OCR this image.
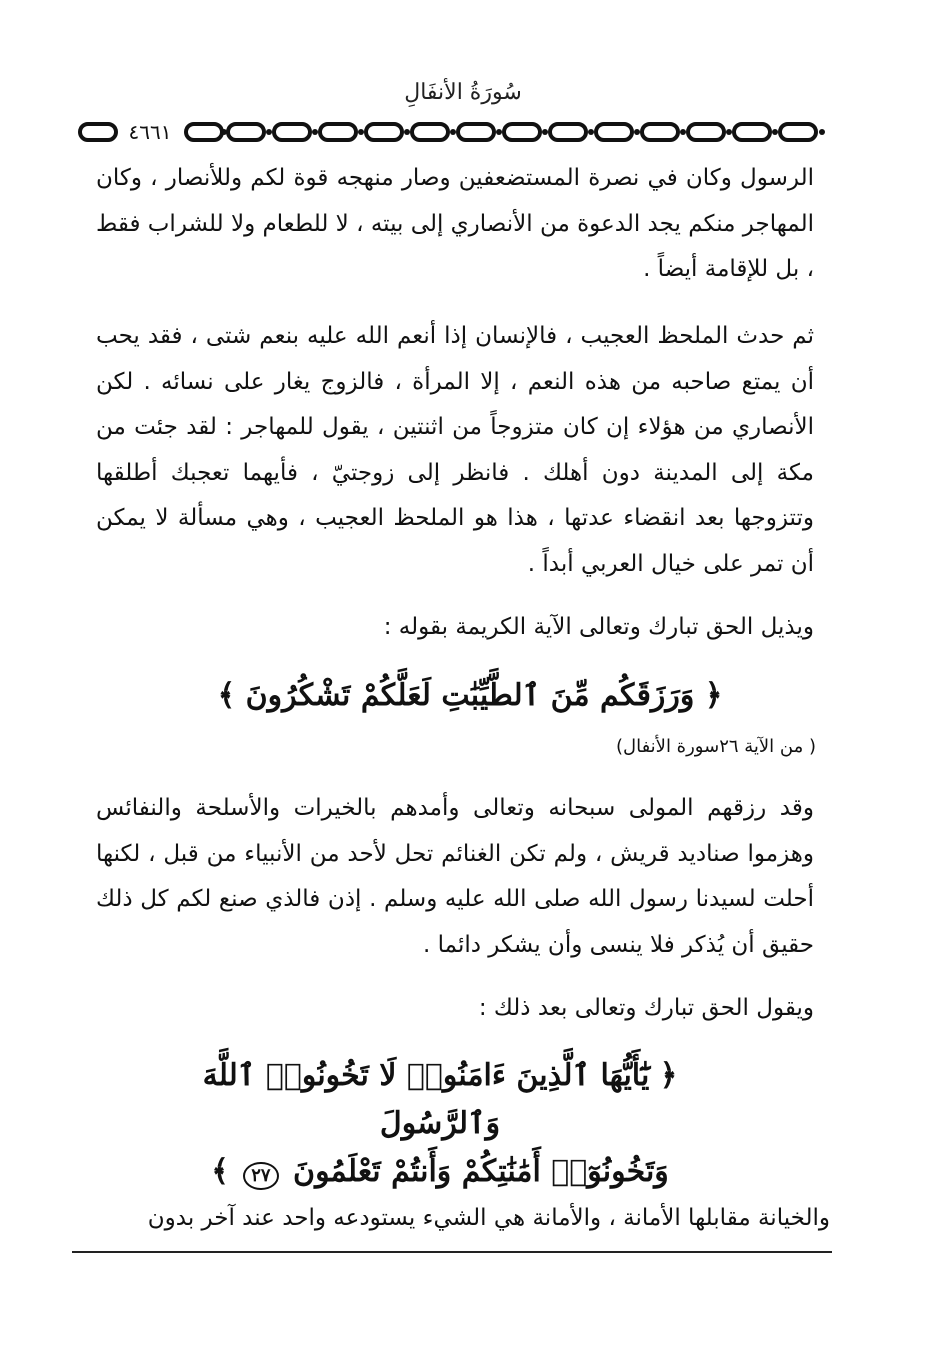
سُورَةُ الأنفَالِ
٤٦٦١

الرسول وكان في نصرة المستضعفين وصار منهجه قوة لكم وللأنصار ، وكان المهاجر منكم يجد الدعوة من الأنصاري إلى بيته ، لا للطعام ولا للشراب فقط ، بل للإقامة أيضاً .

ثم حدث الملحظ العجيب ، فالإنسان إذا أنعم الله عليه بنعم شتى ، فقد يحب أن يمتع صاحبه من هذه النعم ، إلا المرأة ، فالزوج يغار على نسائه . لكن الأنصاري من هؤلاء إن كان متزوجاً من اثنتين ، يقول للمهاجر : لقد جئت من مكة إلى المدينة دون أهلك . فانظر إلى زوجتيّ ، فأيهما تعجبك أطلقها وتتزوجها بعد انقضاء عدتها ، هذا هو الملحظ العجيب ، وهي مسألة لا يمكن أن تمر على خيال العربي أبداً .

ويذيل الحق تبارك وتعالى الآية الكريمة بقوله :

﴿ وَرَزَقَكُم مِّنَ ٱلطَّيِّبَٰتِ لَعَلَّكُمْ تَشْكُرُونَ ﴾
( من الآية ٢٦سورة الأنفال)

وقد رزقهم المولى سبحانه وتعالى وأمدهم بالخيرات والأسلحة والنفائس وهزموا صناديد قريش ، ولم تكن الغنائم تحل لأحد من الأنبياء من قبل ، لكنها أحلت لسيدنا رسول الله صلى الله عليه وسلم . إذن فالذي صنع لكم كل ذلك حقيق أن يُذكر فلا ينسى وأن يشكر دائما .

ويقول الحق تبارك وتعالى بعد ذلك :

﴿ يَٰٓأَيُّهَا ٱلَّذِينَ ءَامَنُوا۟ لَا تَخُونُوا۟ ٱللَّهَ وَٱلرَّسُولَ
وَتَخُونُوٓا۟ أَمَٰنَٰتِكُمْ وَأَنتُمْ تَعْلَمُونَ ٢٧ ﴾

والخيانة مقابلها الأمانة ، والأمانة هي الشيء يستودعه واحد عند آخر بدون
